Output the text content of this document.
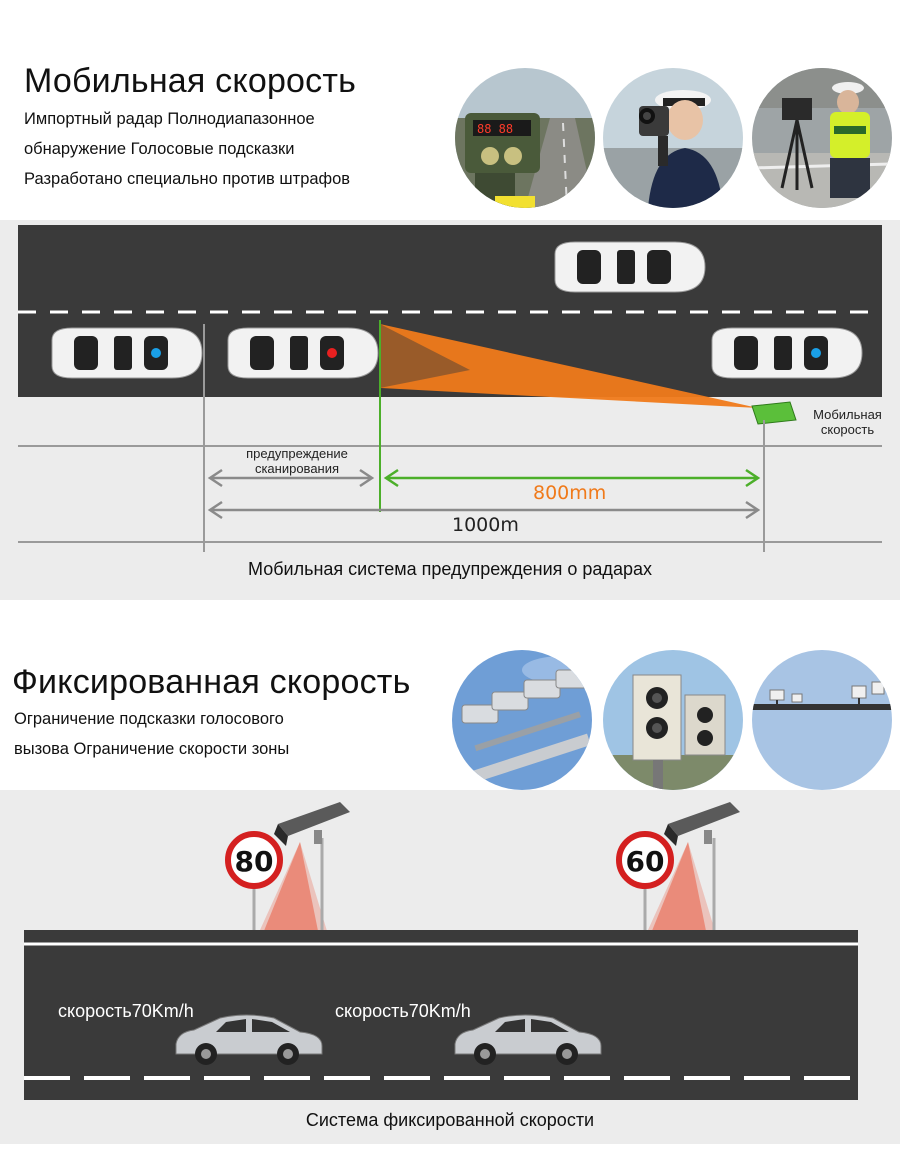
Мобильная скорость
Импортный радар Полнодиапазонное
обнаружение Голосовые подсказки
Разработано специально против штрафов
88 88
Мобильная
скорость
предупреждение
сканирования
800mm
1000m
Мобильная система предупреждения о радарах
Фиксированная скорость
Ограничение подсказки голосового
вызова Ограничение скорости зоны
80	60
скорость70Km/h	скорость70Km/h
Система фиксированной скорости
